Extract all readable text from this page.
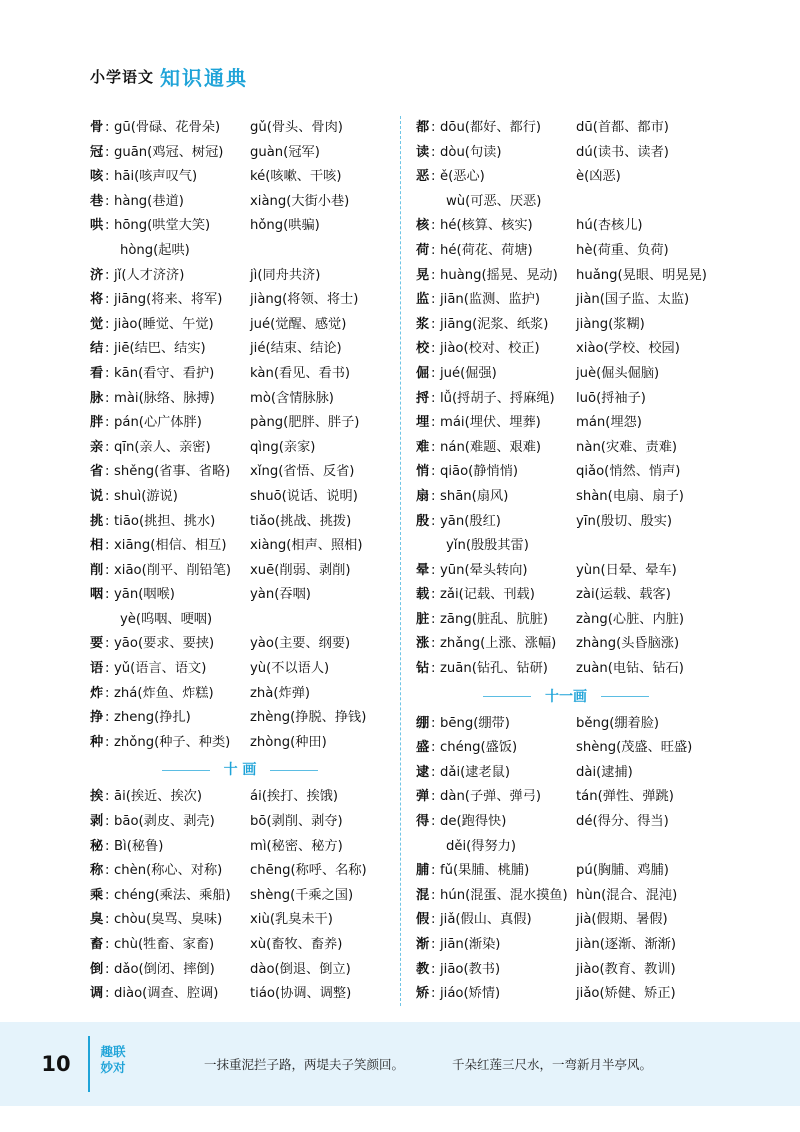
小学语文 知识通典
骨 : gū(骨碌、花骨朵) gǔ(骨头、骨肉)
冠 : guān(鸡冠、树冠) guàn(冠军)
咳 : hāi(咳声叹气)	ké(咳嗽、干咳)
巷 : hàng(巷道)	xiàng(大街小巷)
哄 : hōng(哄堂大笑)	hǒng(哄骗)
hòng(起哄)
济 : jǐ(人才济济)	jì(同舟共济)
将 : jiāng(将来、将军) jiàng(将领、将士)
觉 : jiào(睡觉、午觉)	jué(觉醒、感觉)
结 : jiē(结巴、结实)	jié(结束、结论)
看 : kān(看守、看护)	kàn(看见、看书)
脉 : mài(脉络、脉搏)	mò(含情脉脉)
胖 : pán(心广体胖)	pàng(肥胖、胖子)
亲 : qīn(亲人、亲密)	qìng(亲家)
省 : shěng(省事、省略) xǐng(省悟、反省)
说 : shuì(游说)	shuō(说话、说明)
挑 : tiāo(挑担、挑水)	tiǎo(挑战、挑拨)
相 : xiāng(相信、相互) xiàng(相声、照相)
削 : xiāo(削平、削铅笔) xuē(削弱、剥削)
咽 : yān(咽喉)	yàn(吞咽)
yè(呜咽、哽咽)
要 : yāo(要求、要挟)	yào(主要、纲要)
语 : yǔ(语言、语文)	yù(不以语人)
炸 : zhá(炸鱼、炸糕)	zhà(炸弹)
挣 : zheng(挣扎)	zhèng(挣脱、挣钱)
种 : zhǒng(种子、种类) zhòng(种田)
十 画
挨 : āi(挨近、挨次)	ái(挨打、挨饿)
剥 : bāo(剥皮、剥壳)	bō(剥削、剥夺)
秘 : Bì(秘鲁)	mì(秘密、秘方)
称 : chèn(称心、对称) chēng(称呼、名称)
乘 : chéng(乘法、乘船) shèng(千乘之国)
臭 : chòu(臭骂、臭味) xiù(乳臭未干)
畜 : chù(牲畜、家畜)	xù(畜牧、畜养)
倒 : dǎo(倒闭、摔倒)	dào(倒退、倒立)
调 : diào(调查、腔调) tiáo(协调、调整)
都 : dōu(都好、都行)	dū(首都、都市)
读 : dòu(句读)	dú(读书、读者)
恶 : ě(恶心)	è(凶恶)
wù(可恶、厌恶)
核 : hé(核算、核实)	hú(杏核儿)
荷 : hé(荷花、荷塘)	hè(荷重、负荷)
晃 : huàng(摇晃、晃动) huǎng(晃眼、明晃晃)
监 : jiān(监测、监护)	jiàn(国子监、太监)
浆 : jiāng(泥浆、纸浆) jiàng(浆糊)
校 : jiào(校对、校正)	xiào(学校、校园)
倔 : jué(倔强)	juè(倔头倔脑)
捋 : lǚ(捋胡子、捋麻绳) luō(捋袖子)
埋 : mái(埋伏、埋葬)	mán(埋怨)
难 : nán(难题、艰难)	nàn(灾难、责难)
悄 : qiāo(静悄悄)	qiǎo(悄然、悄声)
扇 : shān(扇风)	shàn(电扇、扇子)
殷 : yān(殷红)	yīn(殷切、殷实)
yǐn(殷殷其雷)
晕 : yūn(晕头转向)	yùn(日晕、晕车)
载 : zǎi(记载、刊载)	zài(运载、载客)
脏 : zāng(脏乱、肮脏) zàng(心脏、内脏)
涨 : zhǎng(上涨、涨幅) zhàng(头昏脑涨)
钻 : zuān(钻孔、钻研) zuàn(电钻、钻石)
十一画
绷 : bēng(绷带)	běng(绷着脸)
盛 : chéng(盛饭)	shèng(茂盛、旺盛)
逮 : dǎi(逮老鼠)	dài(逮捕)
弹 : dàn(子弹、弹弓)	tán(弹性、弹跳)
得 : de(跑得快)	dé(得分、得当)
děi(得努力)
脯 : fǔ(果脯、桃脯)	pú(胸脯、鸡脯)
混 : hún(混蛋、混水摸鱼) hùn(混合、混沌)
假 : jiǎ(假山、真假)	jià(假期、暑假)
渐 : jiān(渐染)	jiàn(逐渐、渐渐)
教 : jiāo(教书)	jiào(教育、教训)
矫 : jiáo(矫情)	jiǎo(矫健、矫正)
10
趣联
妙对	一抹重泥拦子路，两堤夫子笑颜回。	千朵红莲三尺水，一弯新月半亭风。
